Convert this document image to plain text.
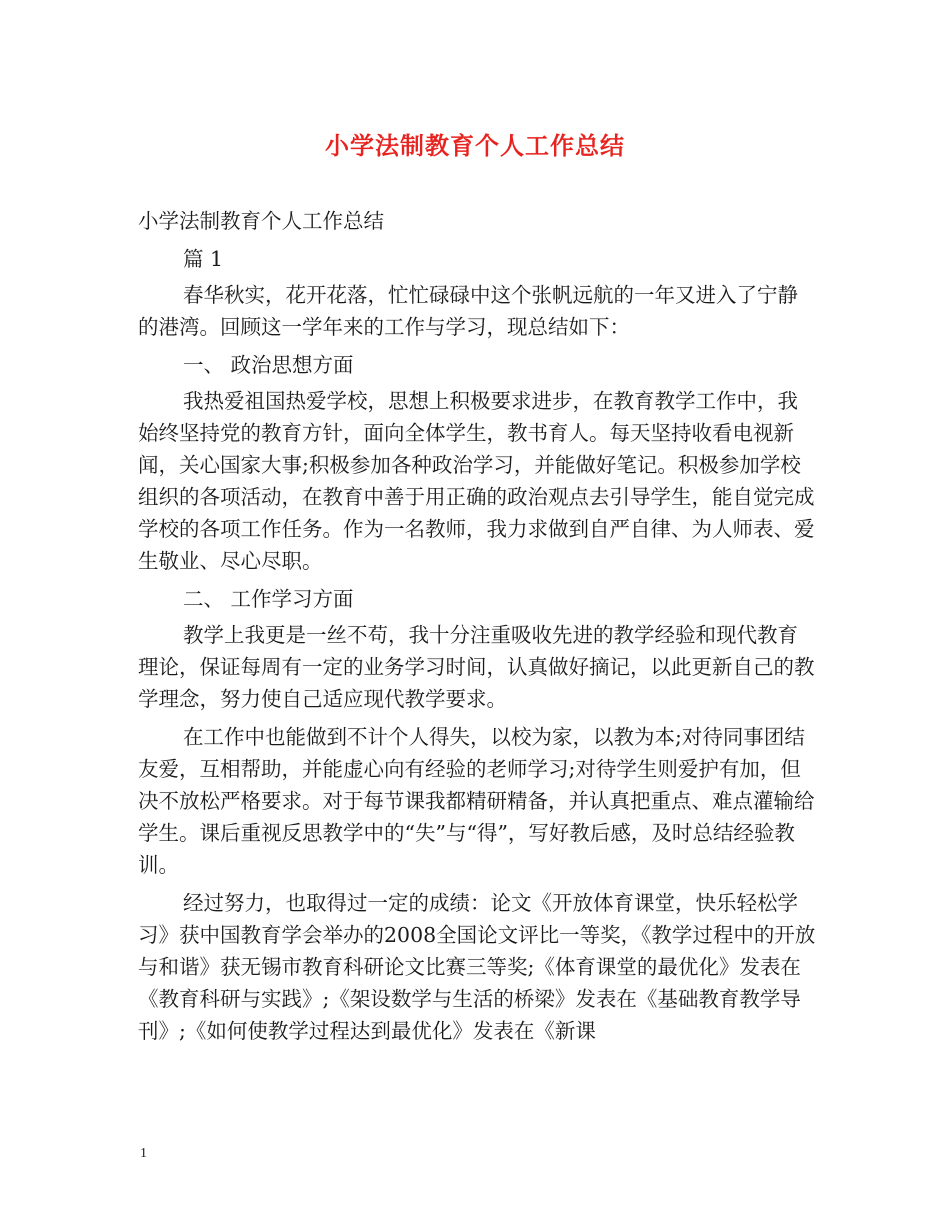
小学法制教育个人工作总结

小学法制教育个人工作总结

篇 1

春华秋实，花开花落，忙忙碌碌中这个张帆远航的一年又进入了宁静的港湾。回顾这一学年来的工作与学习，现总结如下：

一、 政治思想方面

我热爱祖国热爱学校，思想上积极要求进步，在教育教学工作中，我始终坚持党的教育方针，面向全体学生，教书育人。每天坚持收看电视新闻，关心国家大事;积极参加各种政治学习，并能做好笔记。积极参加学校组织的各项活动，在教育中善于用正确的政治观点去引导学生，能自觉完成学校的各项工作任务。作为一名教师，我力求做到自严自律、为人师表、爱生敬业、尽心尽职。

二、 工作学习方面

教学上我更是一丝不苟，我十分注重吸收先进的教学经验和现代教育理论，保证每周有一定的业务学习时间，认真做好摘记，以此更新自己的教学理念，努力使自己适应现代教学要求。

在工作中也能做到不计个人得失，以校为家，以教为本;对待同事团结友爱，互相帮助，并能虚心向有经验的老师学习;对待学生则爱护有加，但决不放松严格要求。对于每节课我都精研精备，并认真把重点、难点灌输给学生。课后重视反思教学中的“失”与“得”，写好教后感，及时总结经验教训。

经过努力，也取得过一定的成绩：论文《开放体育课堂，快乐轻松学习》获中国教育学会举办的2008全国论文评比一等奖，《教学过程中的开放与和谐》获无锡市教育科研论文比赛三等奖;《体育课堂的最优化》发表在《教育科研与实践》;《架设数学与生活的桥梁》发表在《基础教育教学导刊》;《如何使教学过程达到最优化》发表在《新课

1
